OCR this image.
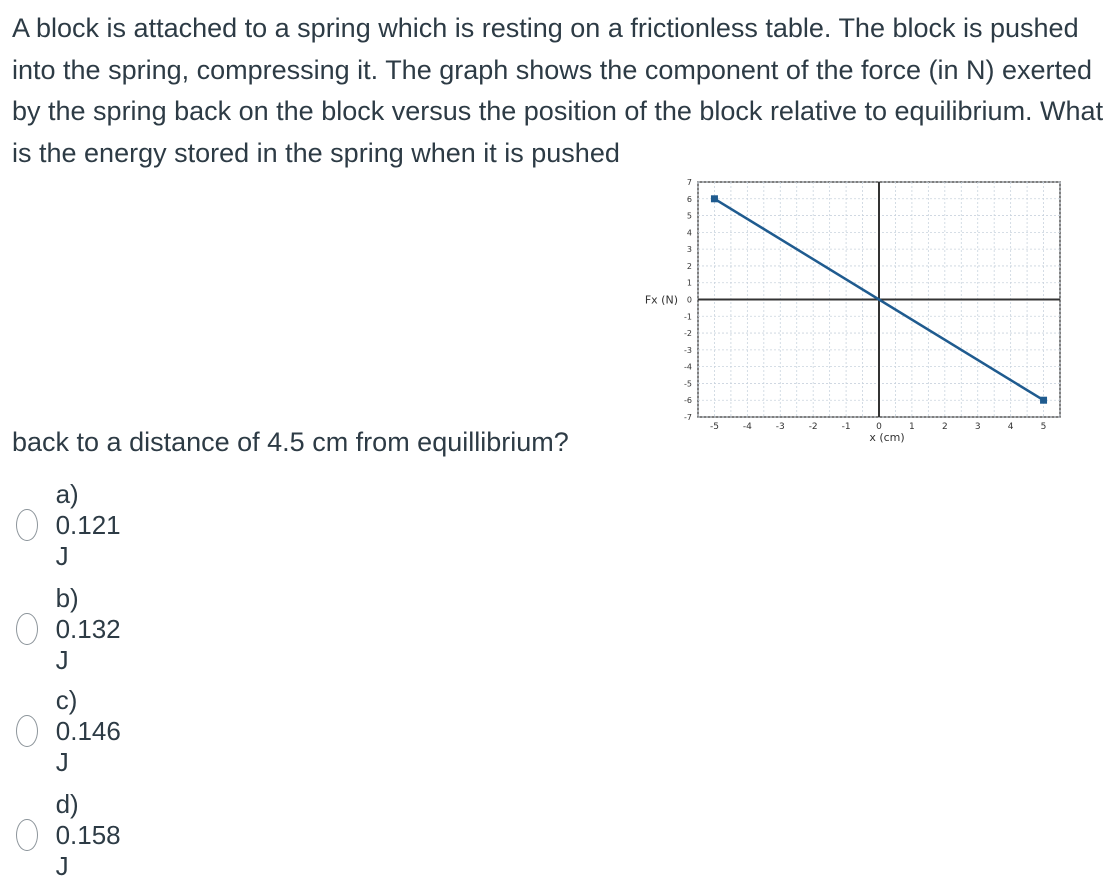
A block is attached to a spring which is resting on a frictionless table. The block is pushed into the spring, compressing it. The graph shows the component of the force (in N) exerted by the spring back on the block versus the position of the block relative to equilibrium. What is the energy stored in the spring when it is pushed

-5	-4	-3	-2	-1	0	1	2	3	4	5
7
6
5
4
3
2
1
0
-1
-2
-3
-4
-5
-6
-7
x (cm)
Fx (N)

back to a distance of 4.5 cm from equillibrium?

a) 0.121 J
b) 0.132 J
c) 0.146 J
d) 0.158 J
